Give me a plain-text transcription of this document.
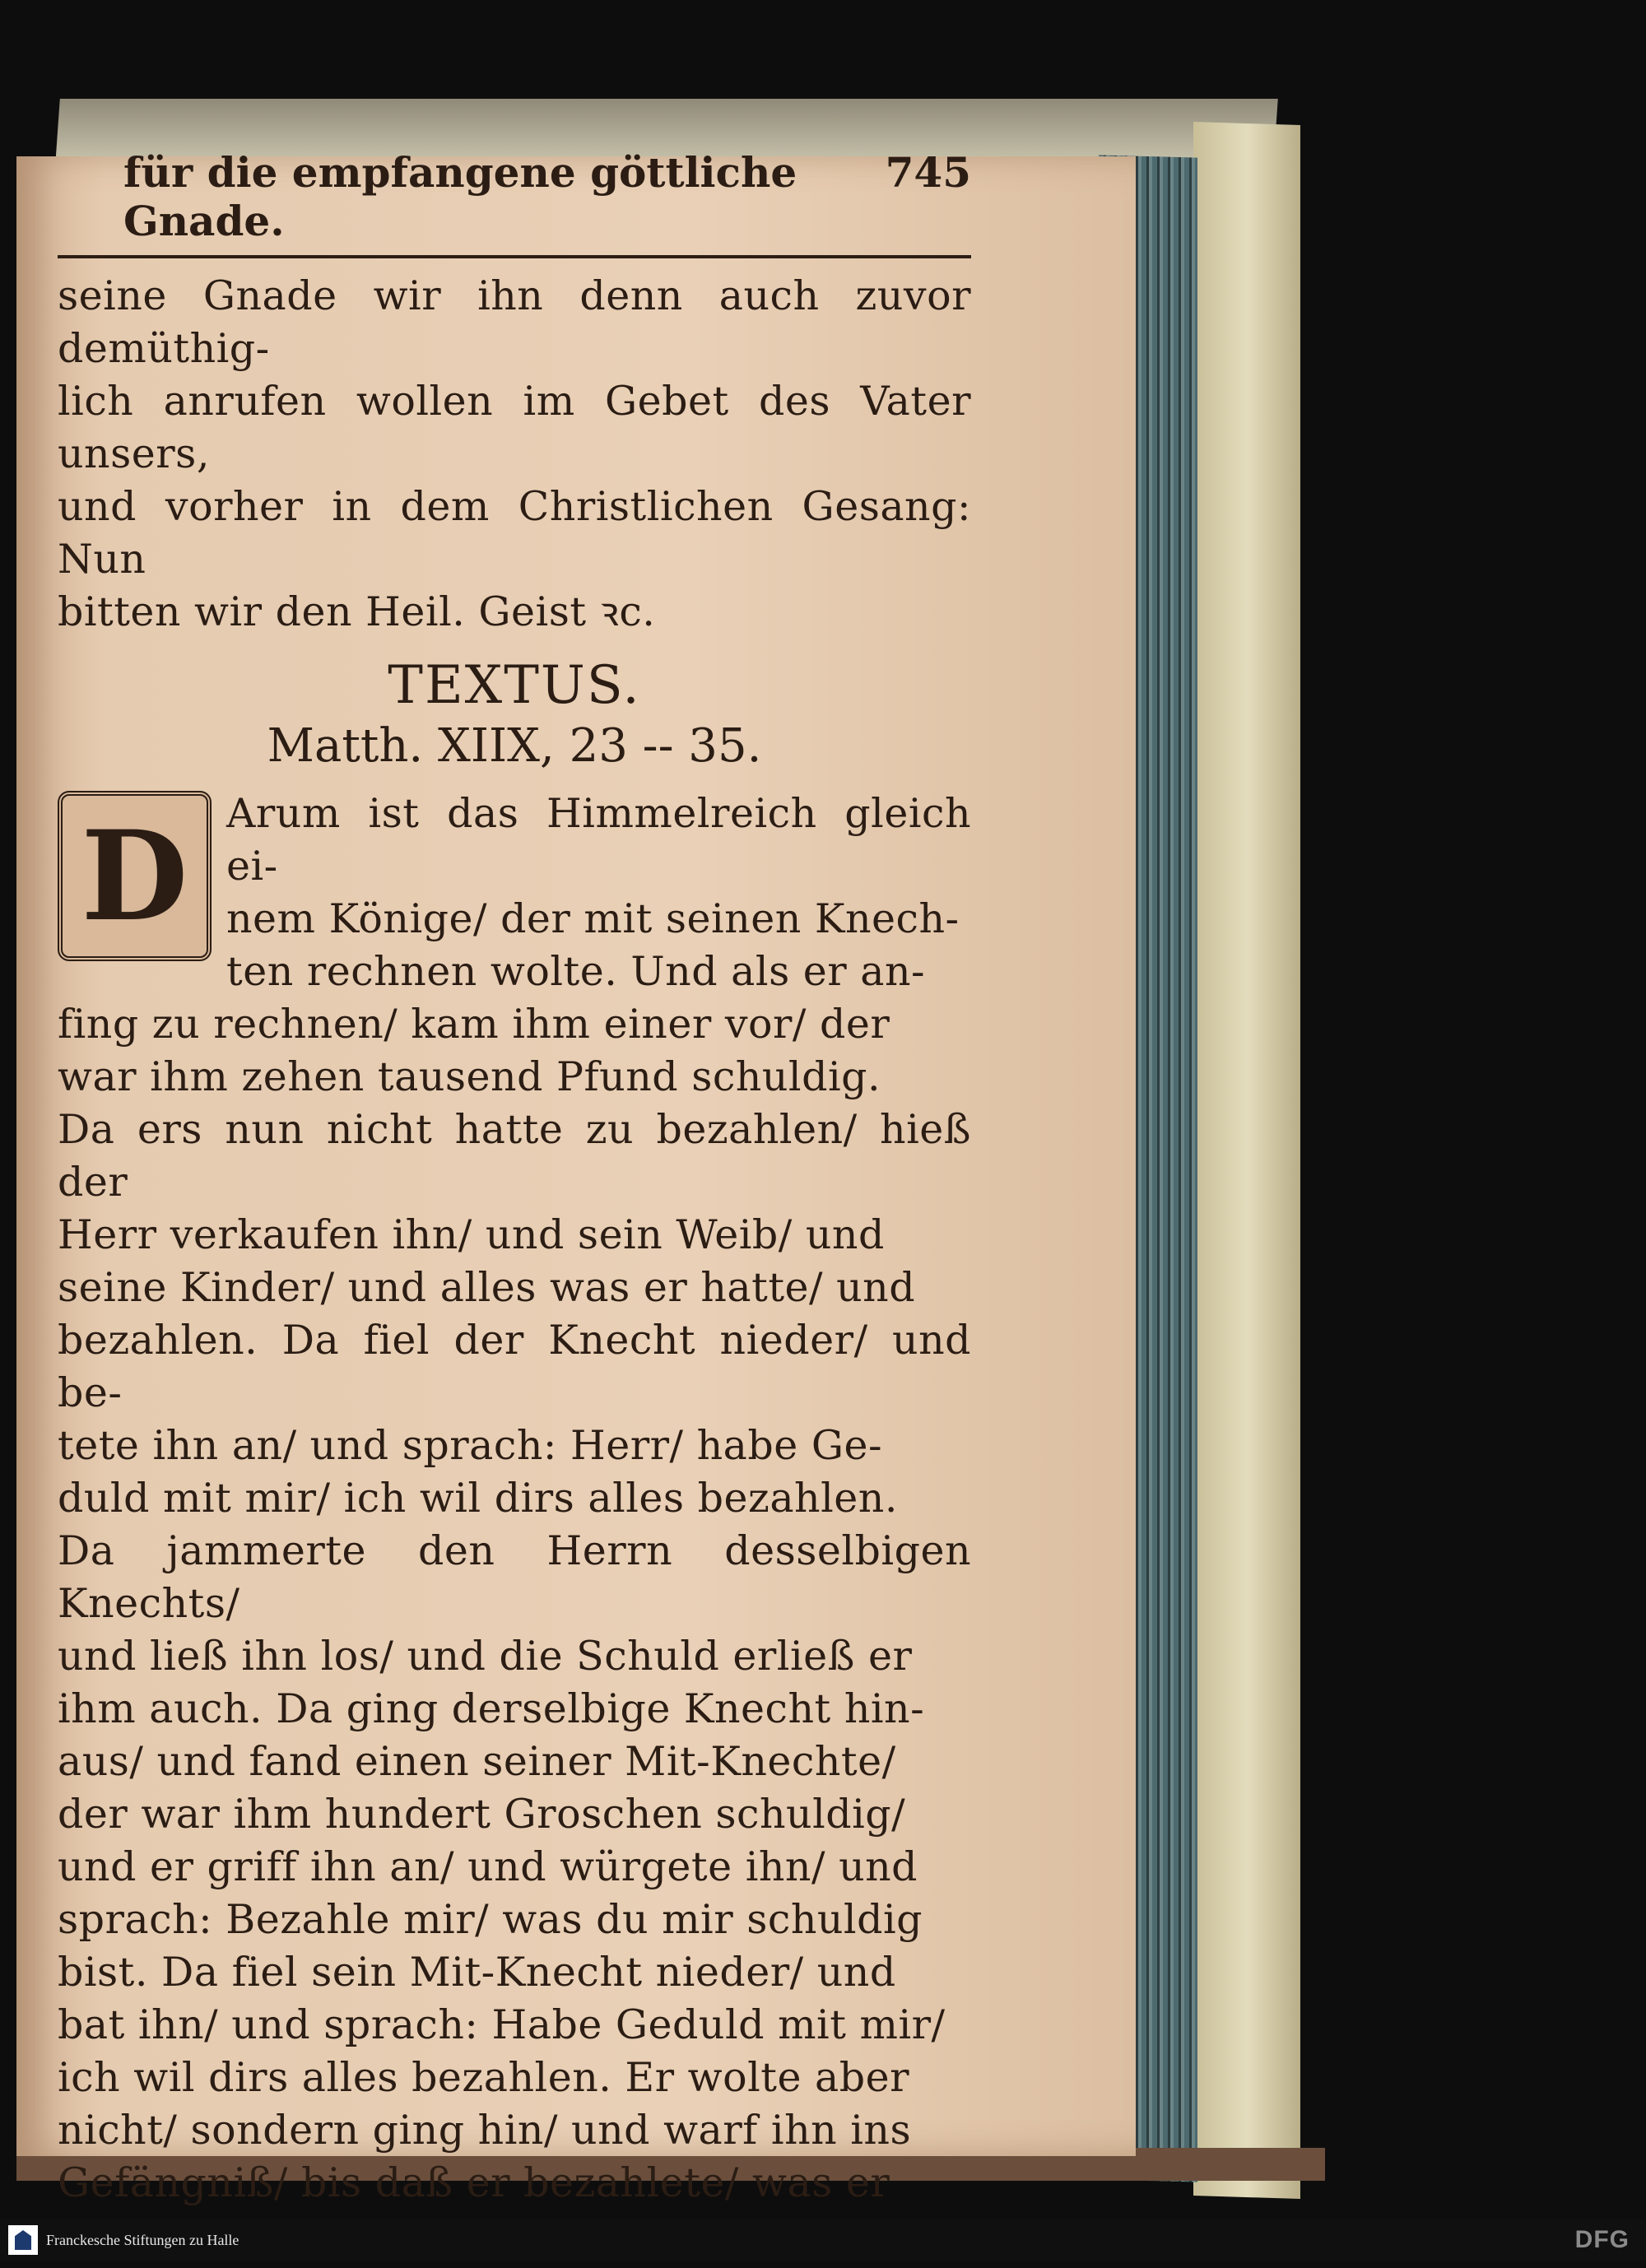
für die empfangene göttliche Gnade.
745
seine Gnade wir ihn denn auch zuvor demüthig-
lich anrufen wollen im Gebet des Vater unsers,
und vorher in dem Christlichen Gesang: Nun
bitten wir den Heil. Geist ꝛc.
TEXTUS.
Matth. XIIX, 23 -- 35.
D Arum ist das Himmelreich gleich ei-
nem Könige/ der mit seinen Knech-
ten rechnen wolte. Und als er an-
fing zu rechnen/ kam ihm einer vor/ der
war ihm zehen tausend Pfund schuldig.
Da ers nun nicht hatte zu bezahlen/ hieß der
Herr verkaufen ihn/ und sein Weib/ und
seine Kinder/ und alles was er hatte/ und
bezahlen. Da fiel der Knecht nieder/ und be-
tete ihn an/ und sprach: Herr/ habe Ge-
duld mit mir/ ich wil dirs alles bezahlen.
Da jammerte den Herrn desselbigen Knechts/
und ließ ihn los/ und die Schuld erließ er
ihm auch. Da ging derselbige Knecht hin-
aus/ und fand einen seiner Mit-Knechte/
der war ihm hundert Groschen schuldig/
und er griff ihn an/ und würgete ihn/ und
sprach: Bezahle mir/ was du mir schuldig
bist. Da fiel sein Mit-Knecht nieder/ und
bat ihn/ und sprach: Habe Geduld mit mir/
ich wil dirs alles bezahlen. Er wolte aber
nicht/ sondern ging hin/ und warf ihn ins
Gefängniß/ bis daß er bezahlete/ was er
Franckesche Stiftungen zu Halle	DFG
